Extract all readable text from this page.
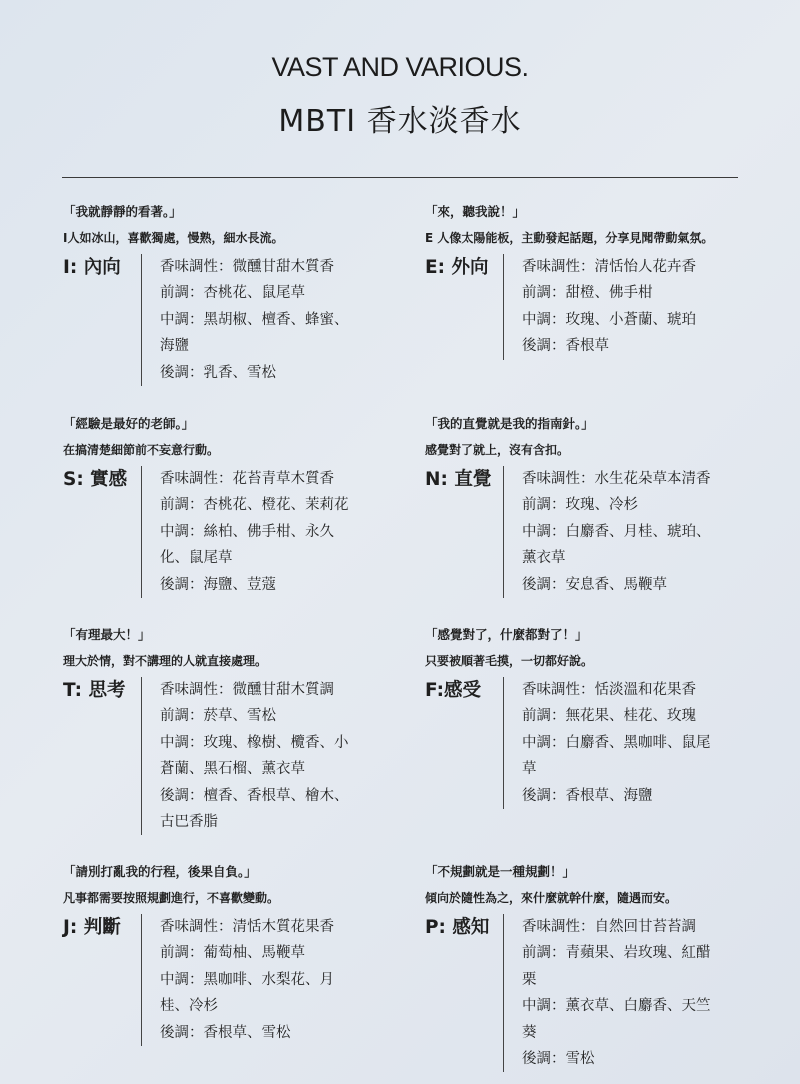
VAST AND VARIOUS.
MBTI 香水淡香水
「我就靜靜的看著。」
I人如冰山，喜歡獨處，慢熟，細水長流。
I: 內向	香味調性：微醺甘甜木質香
前調：杏桃花、鼠尾草
中調：黑胡椒、檀香、蜂蜜、
海鹽
後調：乳香、雪松
「來，聽我說！」
E 人像太陽能板，主動發起話題，分享見聞帶動氣氛。
E: 外向	香味調性：清恬怡人花卉香
前調：甜橙、佛手柑
中調：玫瑰、小蒼蘭、琥珀
後調：香根草
「經驗是最好的老師。」
在搞清楚細節前不妄意行動。
S: 實感	香味調性：花苔青草木質香
前調：杏桃花、橙花、茉莉花
中調：絲柏、佛手柑、永久
化、鼠尾草
後調：海鹽、荳蔻
「我的直覺就是我的指南針。」
感覺對了就上，沒有含扣。
N: 直覺	香味調性：水生花朵草本清香
前調：玫瑰、冷杉
中調：白麝香、月桂、琥珀、
薰衣草
後調：安息香、馬鞭草
「有理最大！」
理大於情，對不講理的人就直接處理。
T: 思考	香味調性：微醺甘甜木質調
前調：菸草、雪松
中調：玫瑰、橡樹、欖香、小
蒼蘭、黑石榴、薰衣草
後調：檀香、香根草、檜木、
古巴香脂
「感覺對了，什麼都對了！」
只要被順著毛摸，一切都好說。
F:感受	香味調性：恬淡溫和花果香
前調：無花果、桂花、玫瑰
中調：白麝香、黑咖啡、鼠尾
草
後調：香根草、海鹽
「請別打亂我的行程，後果自負。」
凡事都需要按照規劃進行，不喜歡變動。
J: 判斷	香味調性：清恬木質花果香
前調：葡萄柚、馬鞭草
中調：黑咖啡、水梨花、月
桂、冷杉
後調：香根草、雪松
「不規劃就是一種規劃！」
傾向於隨性為之，來什麼就幹什麼，隨遇而安。
P: 感知	香味調性：自然回甘苔苔調
前調：青蘋果、岩玫瑰、紅醋
栗
中調：薰衣草、白麝香、天竺
葵
後調：雪松
